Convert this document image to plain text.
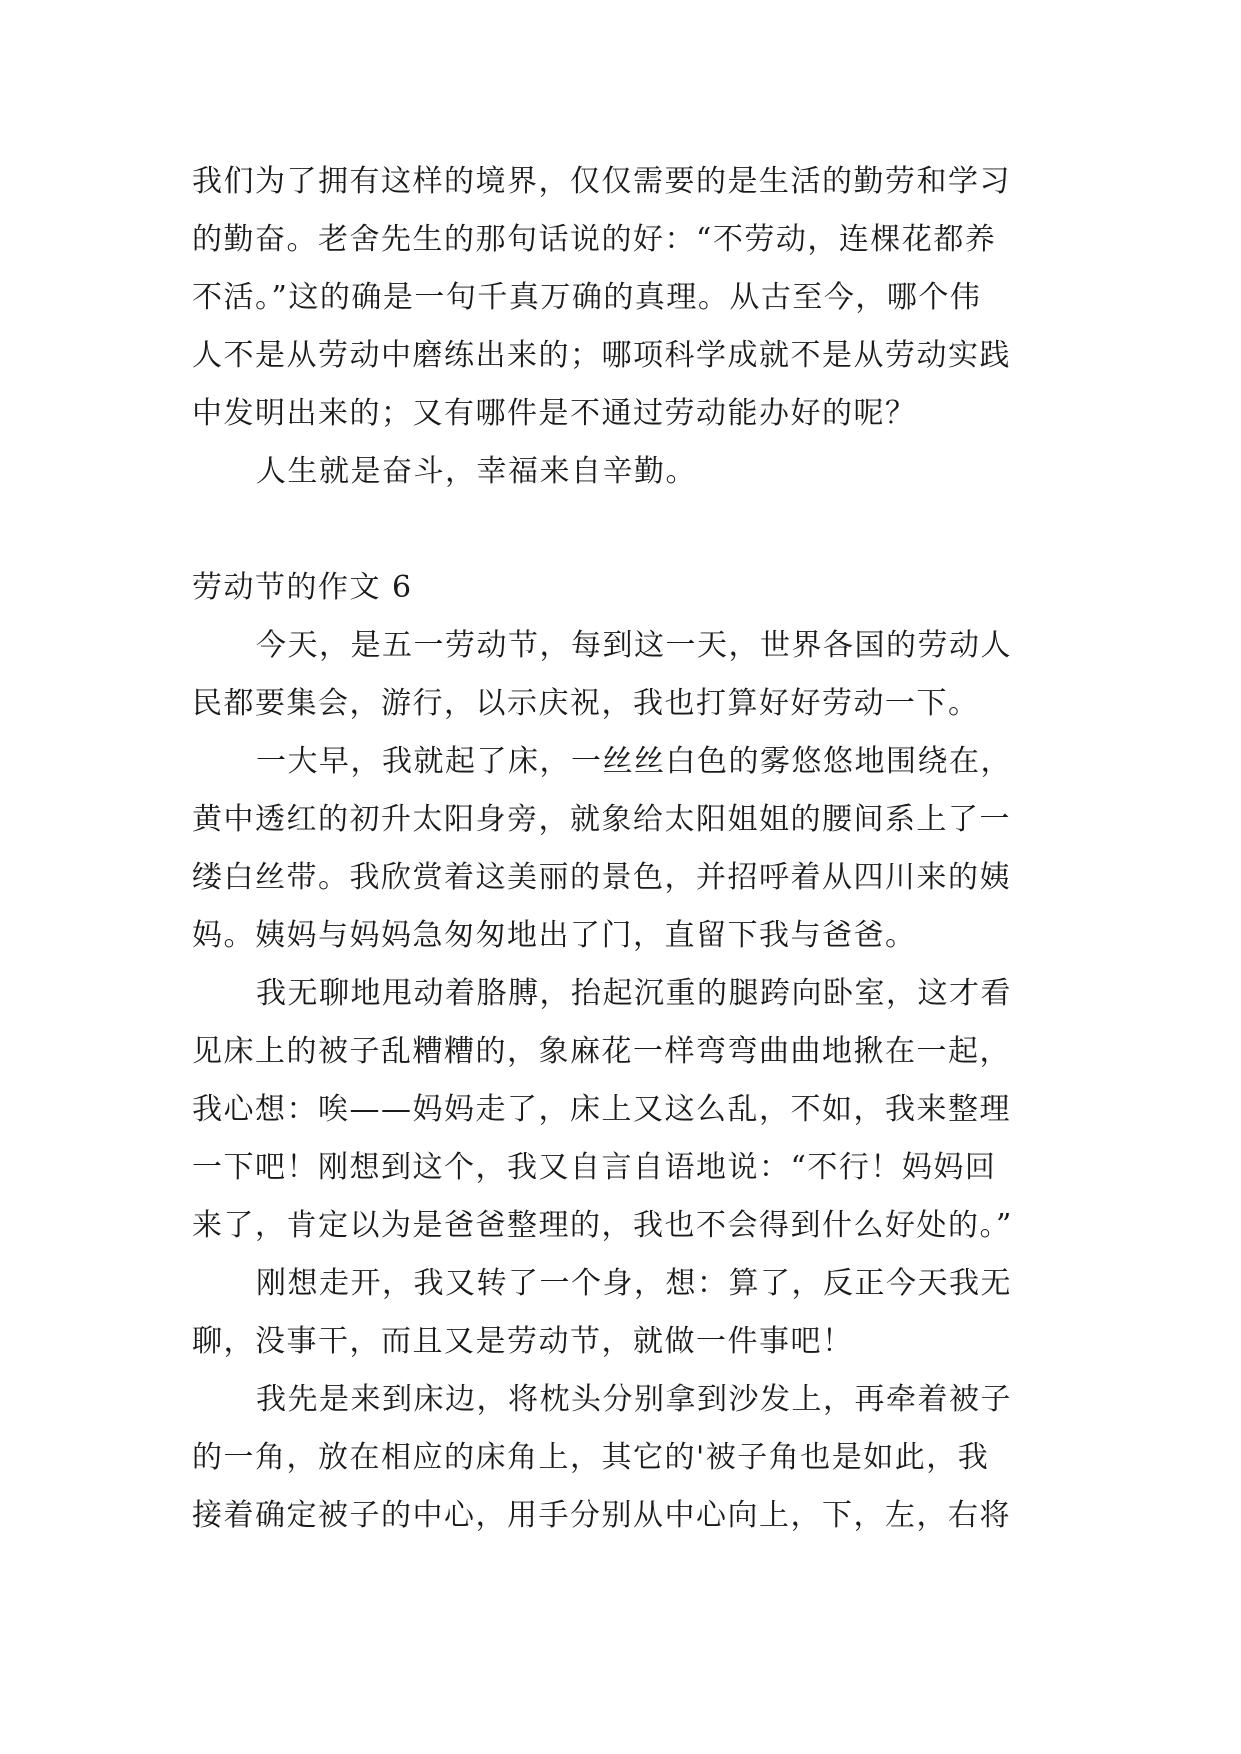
我们为了拥有这样的境界，仅仅需要的是生活的勤劳和学习
的勤奋。老舍先生的那句话说的好：“不劳动，连棵花都养
不活。”这的确是一句千真万确的真理。从古至今，哪个伟
人不是从劳动中磨练出来的；哪项科学成就不是从劳动实践
中发明出来的；又有哪件是不通过劳动能办好的呢？
人生就是奋斗，幸福来自辛勤。
劳动节的作文 6
今天，是五一劳动节，每到这一天，世界各国的劳动人
民都要集会，游行，以示庆祝，我也打算好好劳动一下。
一大早，我就起了床，一丝丝白色的雾悠悠地围绕在，
黄中透红的初升太阳身旁，就象给太阳姐姐的腰间系上了一
缕白丝带。我欣赏着这美丽的景色，并招呼着从四川来的姨
妈。姨妈与妈妈急匆匆地出了门，直留下我与爸爸。
我无聊地甩动着胳膊，抬起沉重的腿跨向卧室，这才看
见床上的被子乱糟糟的，象麻花一样弯弯曲曲地揪在一起，
我心想：唉——妈妈走了，床上又这么乱，不如，我来整理
一下吧！刚想到这个，我又自言自语地说：“不行！妈妈回
来了，肯定以为是爸爸整理的，我也不会得到什么好处的。”
刚想走开，我又转了一个身，想：算了，反正今天我无
聊，没事干，而且又是劳动节，就做一件事吧！
我先是来到床边，将枕头分别拿到沙发上，再牵着被子
的一角，放在相应的床角上，其它的'被子角也是如此，我
接着确定被子的中心，用手分别从中心向上，下，左，右将
